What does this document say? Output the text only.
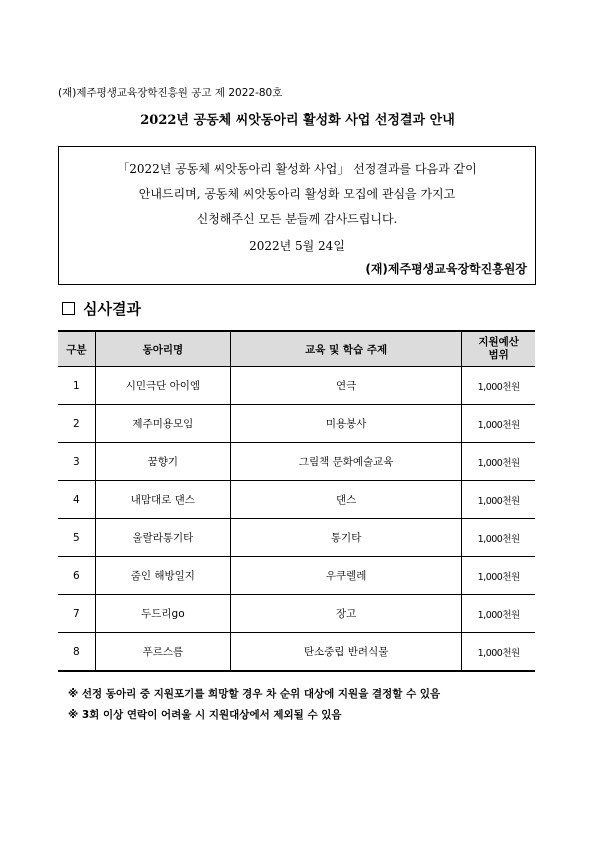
(재)제주평생교육장학진흥원 공고 제 2022-80호
2022년 공동체 씨앗동아리 활성화 사업 선정결과 안내
「2022년 공동체 씨앗동아리 활성화 사업」 선정결과를 다음과 같이
안내드리며, 공동체 씨앗동아리 활성화 모집에 관심을 가지고
신청해주신 모든 분들께 감사드립니다.
2022년 5월 24일
(재)제주평생교육장학진흥원장
심사결과
구분	동아리명	교육 및 학습 주제	지원예산
범위
1	시민극단 아이엠	연극	1,000천원
2	제주미용모임	미용봉사	1,000천원
3	꿈향기	그림책 문화예술교육	1,000천원
4	내맘대로 댄스	댄스	1,000천원
5	울랄라통기타	통기타	1,000천원
6	줌인 해방일지	우쿠렐레	1,000천원
7	두드리go	장고	1,000천원
8	푸르스름	탄소중립 반려식물	1,000천원
※ 선정 동아리 중 지원포기를 희망할 경우 차 순위 대상에 지원을 결정할 수 있음
※ 3회 이상 연락이 어려울 시 지원대상에서 제외될 수 있음
